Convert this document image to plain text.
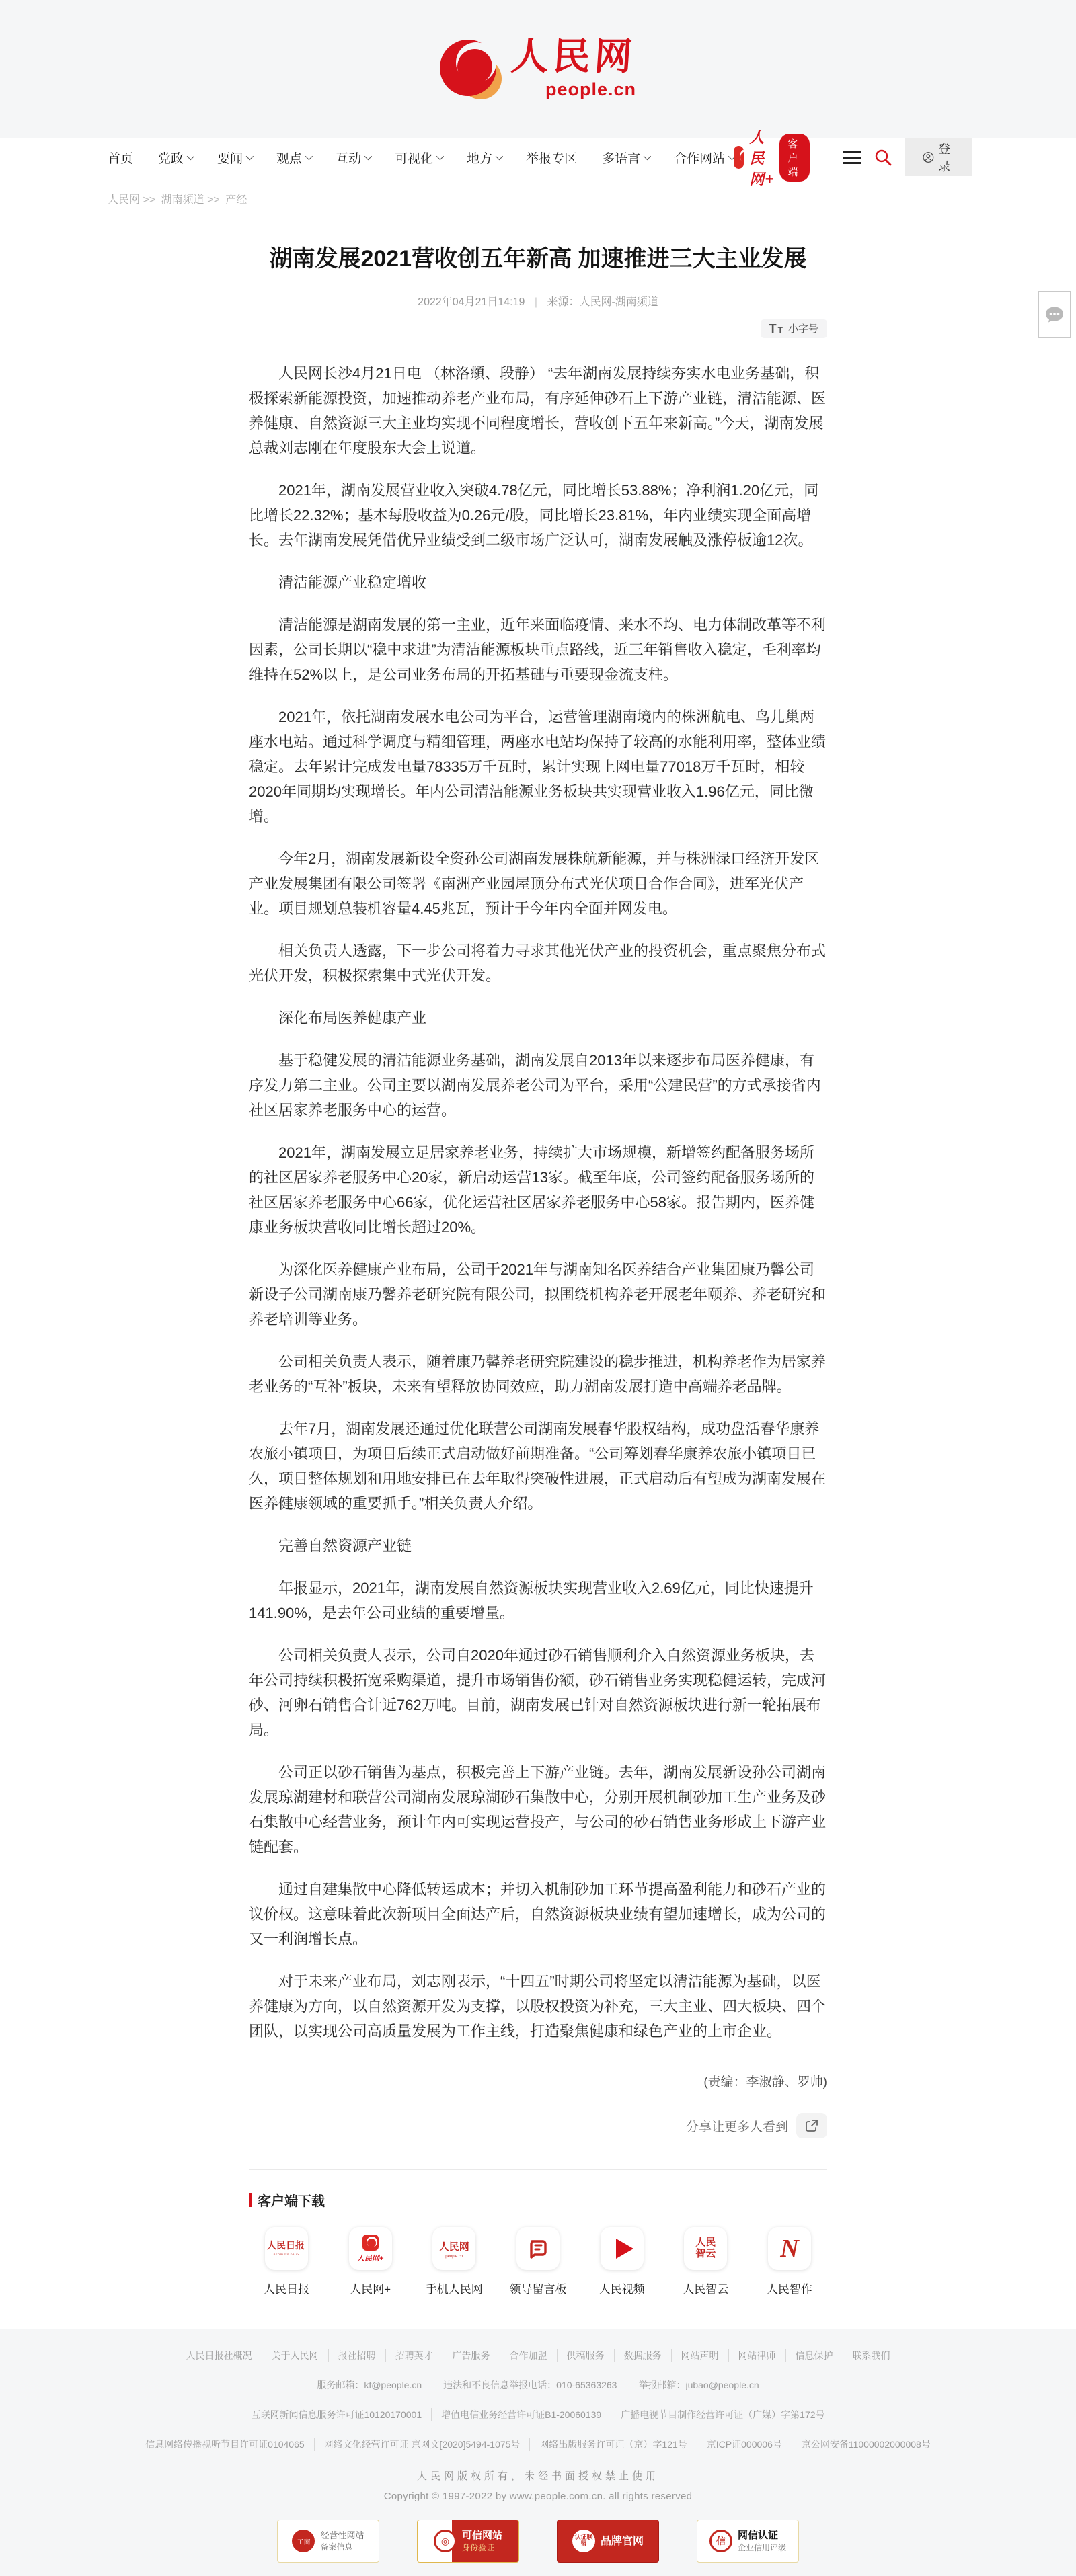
人民网
people.cn
首页 党政	要闻	观点	互动	可视化	地方	举报专区 多语言	合作网站
人民网+
客户端
登录
人民网 >> 湖南频道 >> 产经
湖南发展2021营收创五年新高 加速推进三大主业发展
2022年04月21日14:19 | 来源：人民网-湖南频道
T T 小字号

人民网长沙4月21日电 （林洛頫、段静） “去年湖南发展持续夯实水电业务基础，积极探索新能源投资，加速推动养老产业布局，有序延伸砂石上下游产业链，清洁能源、医养健康、自然资源三大主业均实现不同程度增长，营收创下五年来新高。”今天，湖南发展总裁刘志刚在年度股东大会上说道。

2021年，湖南发展营业收入突破4.78亿元，同比增长53.88%；净利润1.20亿元，同比增长22.32%；基本每股收益为0.26元/股，同比增长23.81%，年内业绩实现全面高增长。去年湖南发展凭借优异业绩受到二级市场广泛认可，湖南发展触及涨停板逾12次。

清洁能源产业稳定增收

清洁能源是湖南发展的第一主业，近年来面临疫情、来水不均、电力体制改革等不利因素，公司长期以“稳中求进”为清洁能源板块重点路线，近三年销售收入稳定，毛利率均维持在52%以上，是公司业务布局的开拓基础与重要现金流支柱。

2021年，依托湖南发展水电公司为平台，运营管理湖南境内的株洲航电、鸟儿巢两座水电站。通过科学调度与精细管理，两座水电站均保持了较高的水能利用率，整体业绩稳定。去年累计完成发电量78335万千瓦时，累计实现上网电量77018万千瓦时，相较2020年同期均实现增长。年内公司清洁能源业务板块共实现营业收入1.96亿元，同比微增。

今年2月，湖南发展新设全资孙公司湖南发展株航新能源，并与株洲渌口经济开发区产业发展集团有限公司签署《南洲产业园屋顶分布式光伏项目合作合同》，进军光伏产业。项目规划总装机容量4.45兆瓦，预计于今年内全面并网发电。

相关负责人透露，下一步公司将着力寻求其他光伏产业的投资机会，重点聚焦分布式光伏开发，积极探索集中式光伏开发。

深化布局医养健康产业

基于稳健发展的清洁能源业务基础，湖南发展自2013年以来逐步布局医养健康，有序发力第二主业。公司主要以湖南发展养老公司为平台，采用“公建民营”的方式承接省内社区居家养老服务中心的运营。

2021年，湖南发展立足居家养老业务，持续扩大市场规模，新增签约配备服务场所的社区居家养老服务中心20家，新启动运营13家。截至年底，公司签约配备服务场所的社区居家养老服务中心66家，优化运营社区居家养老服务中心58家。报告期内，医养健康业务板块营收同比增长超过20%。

为深化医养健康产业布局，公司于2021年与湖南知名医养结合产业集团康乃馨公司新设子公司湖南康乃馨养老研究院有限公司，拟围绕机构养老开展老年颐养、养老研究和养老培训等业务。

公司相关负责人表示，随着康乃馨养老研究院建设的稳步推进，机构养老作为居家养老业务的“互补”板块，未来有望释放协同效应，助力湖南发展打造中高端养老品牌。

去年7月，湖南发展还通过优化联营公司湖南发展春华股权结构，成功盘活春华康养农旅小镇项目，为项目后续正式启动做好前期准备。“公司筹划春华康养农旅小镇项目已久，项目整体规划和用地安排已在去年取得突破性进展，正式启动后有望成为湖南发展在医养健康领域的重要抓手。”相关负责人介绍。

完善自然资源产业链

年报显示，2021年，湖南发展自然资源板块实现营业收入2.69亿元，同比快速提升141.90%，是去年公司业绩的重要增量。

公司相关负责人表示，公司自2020年通过砂石销售顺利介入自然资源业务板块，去年公司持续积极拓宽采购渠道，提升市场销售份额，砂石销售业务实现稳健运转，完成河砂、河卵石销售合计近762万吨。目前，湖南发展已针对自然资源板块进行新一轮拓展布局。

公司正以砂石销售为基点，积极完善上下游产业链。去年，湖南发展新设孙公司湖南发展琼湖建材和联营公司湖南发展琼湖砂石集散中心，分别开展机制砂加工生产业务及砂石集散中心经营业务，预计年内可实现运营投产，与公司的砂石销售业务形成上下游产业链配套。

通过自建集散中心降低转运成本；并切入机制砂加工环节提高盈利能力和砂石产业的议价权。这意味着此次新项目全面达产后，自然资源板块业绩有望加速增长，成为公司的又一利润增长点。

对于未来产业布局，刘志刚表示，“十四五”时期公司将坚定以清洁能源为基础，以医养健康为方向，以自然资源开发为支撑，以股权投资为补充，三大主业、四大板块、四个团队，以实现公司高质量发展为工作主线，打造聚焦健康和绿色产业的上市企业。

(责编：李淑静、罗帅)
分享让更多人看到
客户端下载
人民日报
PEOPLE'S DAILY
人民日报
人民网+
人民网+
人民网
people.cn
手机人民网 领导留言板	人民视频
人民
智云
人民智云
N
人民智作
人民日报社概况	关于人民网	报社招聘	招聘英才	广告服务	合作加盟	供稿服务	数据服务	网站声明	网站律师	信息保护	联系我们
服务邮箱：kf@people.cn	违法和不良信息举报电话：010-65363263	举报邮箱：jubao@people.cn
互联网新闻信息服务许可证10120170001	增值电信业务经营许可证B1-20060139	广播电视节目制作经营许可证（广媒）字第172号
信息网络传播视听节目许可证0104065	网络文化经营许可证 京网文[2020]5494-1075号	网络出版服务许可证（京）字121号	京ICP证000006号	京公网安备11000002000008号
人民网版权所有，未经书面授权禁止使用
Copyright © 1997-2022 by www.people.com.cn. all rights reserved
工商
经营性网站
备案信息
◎	可信网站
身份验证
认证联盟	品牌官网	信
网信认证
企业信用评级
